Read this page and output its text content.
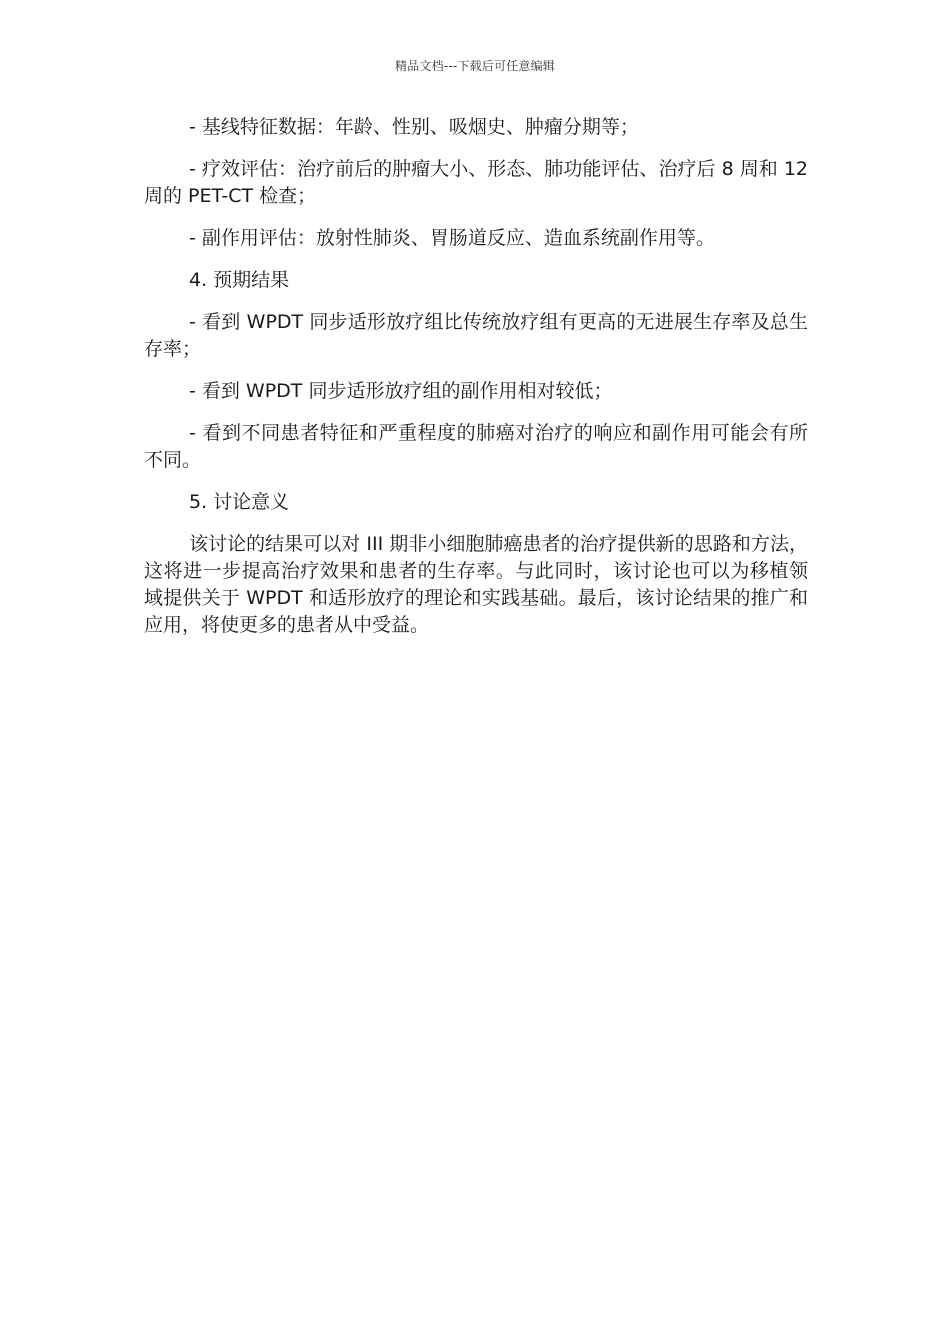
精品文档---下载后可任意编辑

- 基线特征数据：年龄、性别、吸烟史、肿瘤分期等；

- 疗效评估：治疗前后的肿瘤大小、形态、肺功能评估、治疗后 8 周和 12 周的 PET-CT 检查；

- 副作用评估：放射性肺炎、胃肠道反应、造血系统副作用等。

4. 预期结果

- 看到 WPDT 同步适形放疗组比传统放疗组有更高的无进展生存率及总生存率；

- 看到 WPDT 同步适形放疗组的副作用相对较低；

- 看到不同患者特征和严重程度的肺癌对治疗的响应和副作用可能会有所不同。

5. 讨论意义

该讨论的结果可以对 III 期非小细胞肺癌患者的治疗提供新的思路和方法，这将进一步提高治疗效果和患者的生存率。与此同时，该讨论也可以为移植领域提供关于 WPDT 和适形放疗的理论和实践基础。最后，该讨论结果的推广和应用，将使更多的患者从中受益。
